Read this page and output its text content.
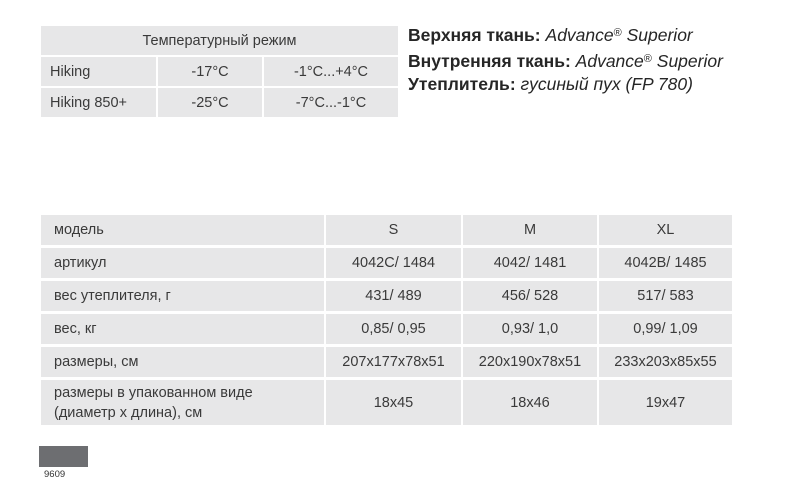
Температурный режим		
Hiking	-17°C	-1°C...+4°C
Hiking 850+	-25°C	-7°C...-1°C
Верхняя ткань: Advance® Superior
Внутренняя ткань: Advance® Superior
Утеплитель: гусиный пух (FP 780)
модель	S	M	XL
артикул	4042C/ 1484	4042/ 1481	4042B/ 1485
вес утеплителя, г	431/ 489	456/ 528	517/ 583
вес, кг	0,85/ 0,95	0,93/ 1,0	0,99/ 1,09
размеры, см	207x177x78x51	220x190x78x51	233x203x85x55

размеры в упакованном виде
(диаметр х длина), см	18x45	18x46	19x47
9609
